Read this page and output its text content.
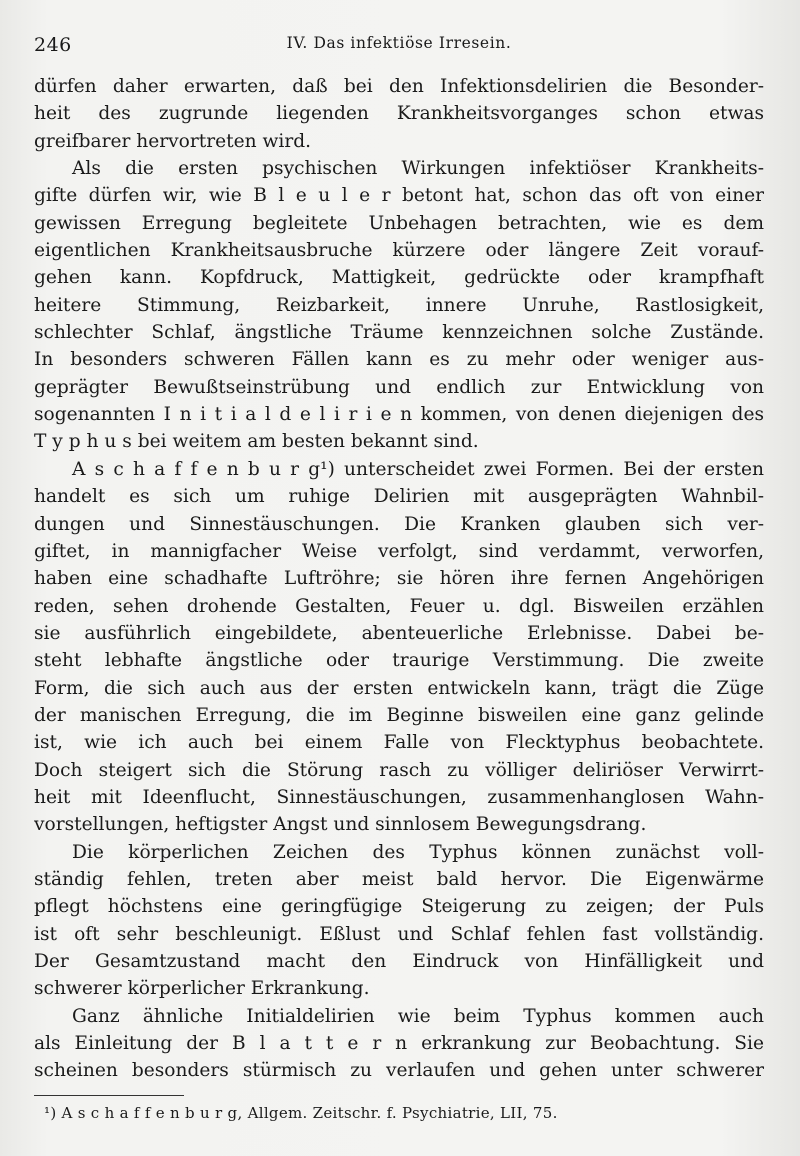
246	IV. Das infektiöse Irresein.
dürfen daher erwarten, daß bei den Infektionsdelirien die Besonder-
heit des zugrunde liegenden Krankheitsvorganges schon etwas
greifbarer hervortreten wird.
Als die ersten psychischen Wirkungen infektiöser Krankheits-
gifte dürfen wir, wie B l e u l e r betont hat, schon das oft von einer
gewissen Erregung begleitete Unbehagen betrachten, wie es dem
eigentlichen Krankheitsausbruche kürzere oder längere Zeit vorauf-
gehen kann. Kopfdruck, Mattigkeit, gedrückte oder krampfhaft
heitere Stimmung, Reizbarkeit, innere Unruhe, Rastlosigkeit,
schlechter Schlaf, ängstliche Träume kennzeichnen solche Zustände.
In besonders schweren Fällen kann es zu mehr oder weniger aus-
geprägter Bewußtseinstrübung und endlich zur Entwicklung von
sogenannten I n i t i a l d e l i r i e n kommen, von denen diejenigen des
T y p h u s bei weitem am besten bekannt sind.
A s c h a f f e n b u r g¹) unterscheidet zwei Formen. Bei der ersten
handelt es sich um ruhige Delirien mit ausgeprägten Wahnbil-
dungen und Sinnestäuschungen. Die Kranken glauben sich ver-
giftet, in mannigfacher Weise verfolgt, sind verdammt, verworfen,
haben eine schadhafte Luftröhre; sie hören ihre fernen Angehörigen
reden, sehen drohende Gestalten, Feuer u. dgl. Bisweilen erzählen
sie ausführlich eingebildete, abenteuerliche Erlebnisse. Dabei be-
steht lebhafte ängstliche oder traurige Verstimmung. Die zweite
Form, die sich auch aus der ersten entwickeln kann, trägt die Züge
der manischen Erregung, die im Beginne bisweilen eine ganz gelinde
ist, wie ich auch bei einem Falle von Flecktyphus beobachtete.
Doch steigert sich die Störung rasch zu völliger deliriöser Verwirrt-
heit mit Ideenflucht, Sinnestäuschungen, zusammenhanglosen Wahn-
vorstellungen, heftigster Angst und sinnlosem Bewegungsdrang.
Die körperlichen Zeichen des Typhus können zunächst voll-
ständig fehlen, treten aber meist bald hervor. Die Eigenwärme
pflegt höchstens eine geringfügige Steigerung zu zeigen; der Puls
ist oft sehr beschleunigt. Eßlust und Schlaf fehlen fast vollständig.
Der Gesamtzustand macht den Eindruck von Hinfälligkeit und
schwerer körperlicher Erkrankung.
Ganz ähnliche Initialdelirien wie beim Typhus kommen auch
als Einleitung der B l a t t e r n erkrankung zur Beobachtung. Sie
scheinen besonders stürmisch zu verlaufen und gehen unter schwerer
¹) A s c h a f f e n b u r g, Allgem. Zeitschr. f. Psychiatrie, LII, 75.
